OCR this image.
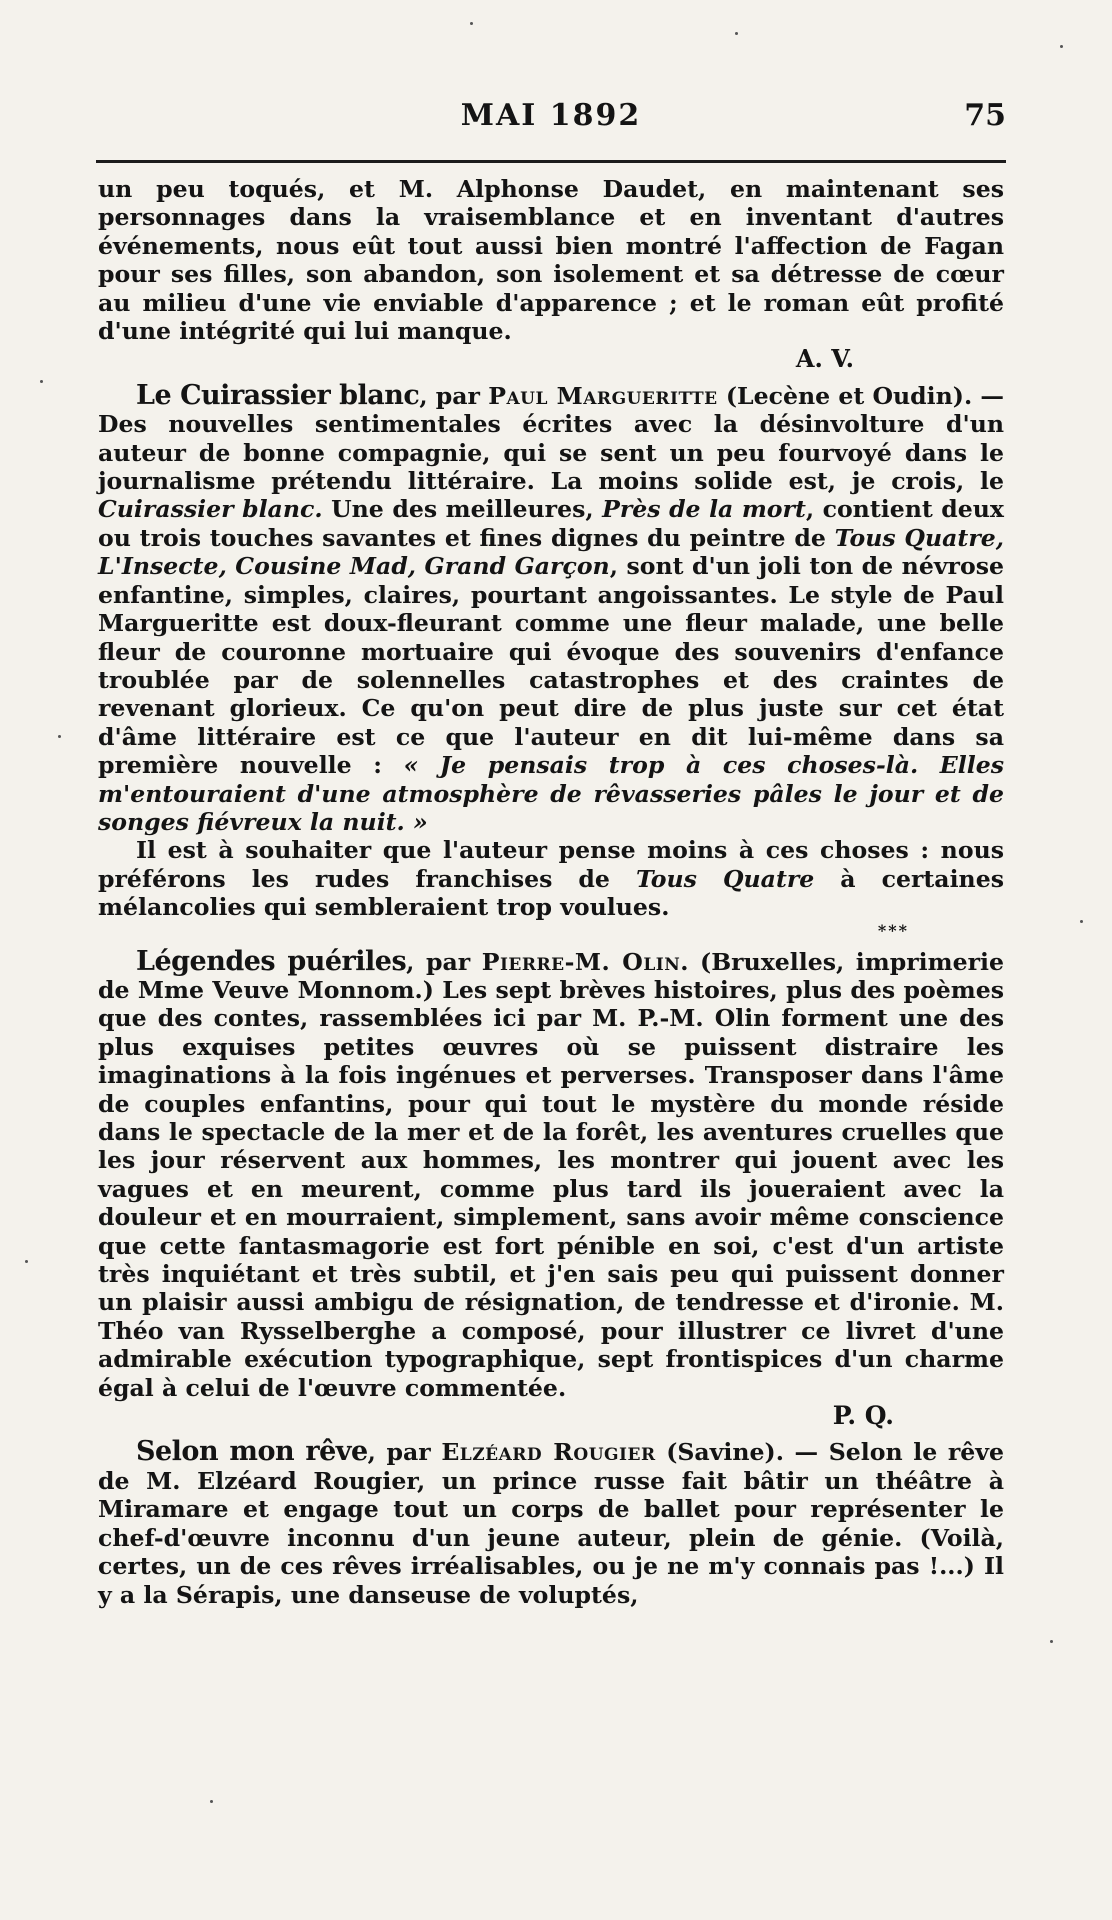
MAI 1892	75

un peu toqués, et M. Alphonse Daudet, en maintenant ses personnages dans la vraisemblance et en inventant d'autres événements, nous eût tout aussi bien montré l'affection de Fagan pour ses filles, son abandon, son isolement et sa détresse de cœur au milieu d'une vie enviable d'apparence ; et le roman eût profité d'une intégrité qui lui manque.

A. V.

Le Cuirassier blanc, par Paul Margueritte (Lecène et Oudin). — Des nouvelles sentimentales écrites avec la désinvolture d'un auteur de bonne compagnie, qui se sent un peu fourvoyé dans le journalisme prétendu littéraire. La moins solide est, je crois, le Cuirassier blanc. Une des meilleures, Près de la mort, contient deux ou trois touches savantes et fines dignes du peintre de Tous Quatre, L'Insecte, Cousine Mad, Grand Garçon, sont d'un joli ton de névrose enfantine, simples, claires, pourtant angoissantes. Le style de Paul Margueritte est doux-fleurant comme une fleur malade, une belle fleur de couronne mortuaire qui évoque des souvenirs d'enfance troublée par de solennelles catastrophes et des craintes de revenant glorieux. Ce qu'on peut dire de plus juste sur cet état d'âme littéraire est ce que l'auteur en dit lui-même dans sa première nouvelle : « Je pensais trop à ces choses-là. Elles m'entouraient d'une atmosphère de rêvasseries pâles le jour et de songes fiévreux la nuit. »

Il est à souhaiter que l'auteur pense moins à ces choses : nous préférons les rudes franchises de Tous Quatre à certaines mélancolies qui sembleraient trop voulues.

***

Légendes puériles, par Pierre-M. Olin. (Bruxelles, imprimerie de Mme Veuve Monnom.) Les sept brèves histoires, plus des poèmes que des contes, rassemblées ici par M. P.-M. Olin forment une des plus exquises petites œuvres où se puissent distraire les imaginations à la fois ingénues et perverses. Transposer dans l'âme de couples enfantins, pour qui tout le mystère du monde réside dans le spectacle de la mer et de la forêt, les aventures cruelles que les jour réservent aux hommes, les montrer qui jouent avec les vagues et en meurent, comme plus tard ils joueraient avec la douleur et en mourraient, simplement, sans avoir même conscience que cette fantasmagorie est fort pénible en soi, c'est d'un artiste très inquiétant et très subtil, et j'en sais peu qui puissent donner un plaisir aussi ambigu de résignation, de tendresse et d'ironie. M. Théo van Rysselberghe a composé, pour illustrer ce livret d'une admirable exécution typographique, sept frontispices d'un charme égal à celui de l'œuvre commentée.

P. Q.

Selon mon rêve, par Elzéard Rougier (Savine). — Selon le rêve de M. Elzéard Rougier, un prince russe fait bâtir un théâtre à Miramare et engage tout un corps de ballet pour représenter le chef-d'œuvre inconnu d'un jeune auteur, plein de génie. (Voilà, certes, un de ces rêves irréalisables, ou je ne m'y connais pas !...) Il y a la Sérapis, une danseuse de voluptés,
